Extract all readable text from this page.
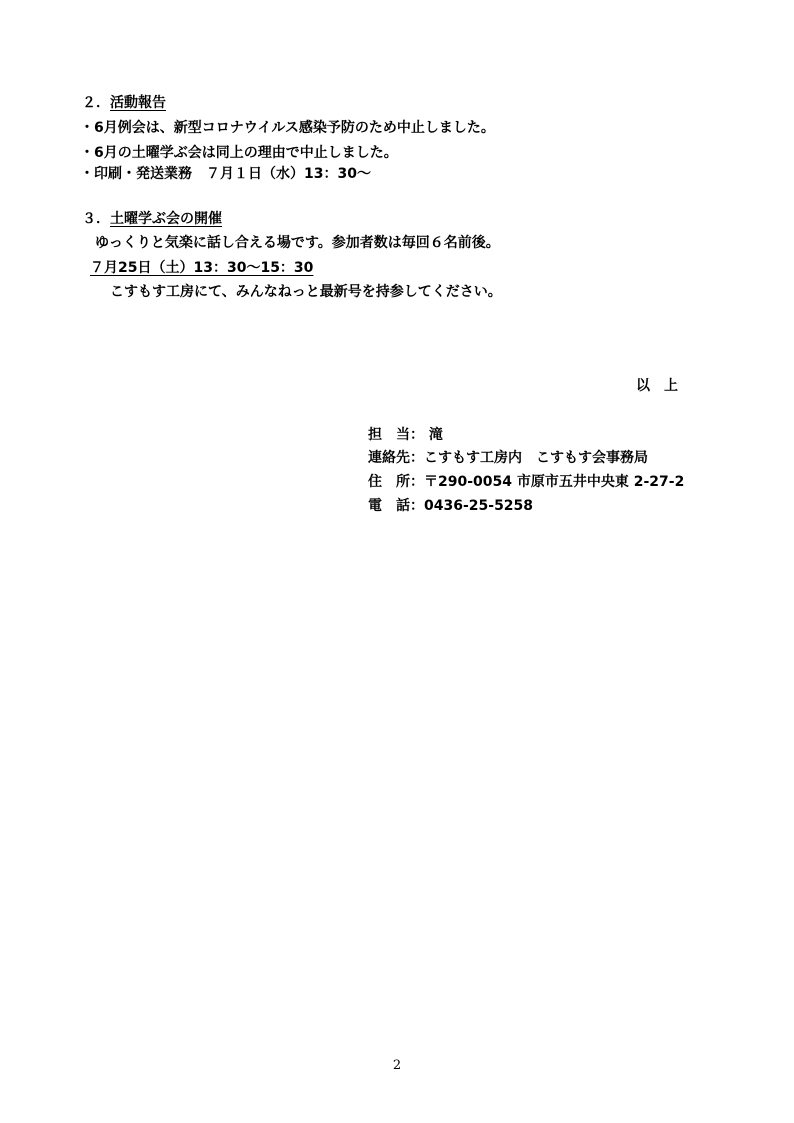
２．活動報告
・6月例会は、新型コロナウイルス感染予防のため中止しました。
・6月の土曜学ぶ会は同上の理由で中止しました。
・印刷・発送業務　７月１日（水）13：30〜
３．土曜学ぶ会の開催
ゆっくりと気楽に話し合える場です。参加者数は毎回６名前後。
７月25日（土）13：30〜15：30
こすもす工房にて、みんなねっと最新号を持参してください。
以　上
担　当： 滝
連絡先：こすもす工房内　こすもす会事務局
住　所：〒290-0054 市原市五井中央東 2-27-2
電　話：0436-25-5258
2
